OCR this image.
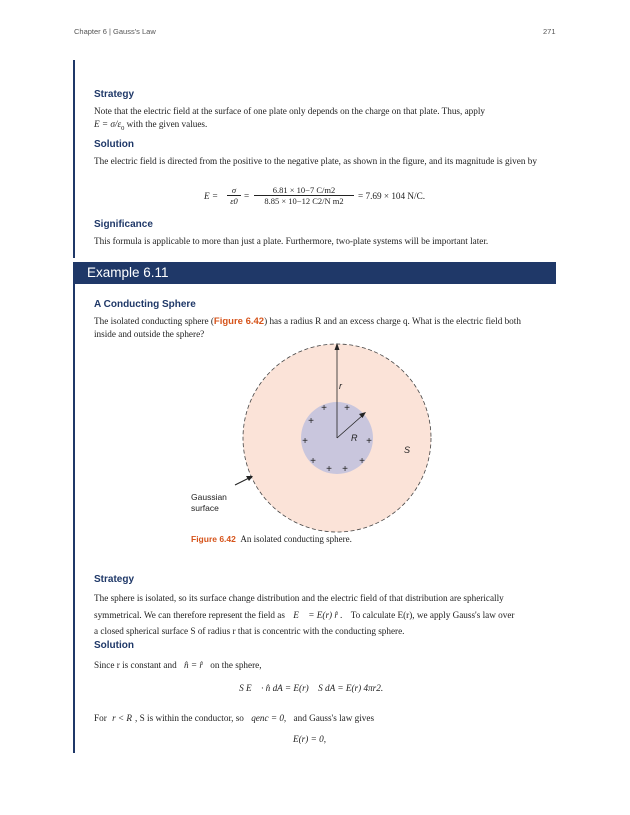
Chapter 6 | Gauss's Law	271
Strategy
Note that the electric field at the surface of one plate only depends on the charge on that plate. Thus, apply
$E = \sigma/\varepsilon_0$ with the given values.
Solution
The electric field is directed from the positive to the negative plate, as shown in the figure, and its magnitude is given by
E =
σ
ε0 =
6.81 × 10−7 C/m2
8.85 × 10−12 C2/N m2	= 7.69 × 104 N/C.
Significance
This formula is applicable to more than just a plate. Furthermore, two-plate systems will be important later.
Example 6.11
A Conducting Sphere
The isolated conducting sphere (Figure 6.42) has a radius R and an excess charge q. What is the electric field both inside and outside the sphere?
r
R
S
+ +
+
+	+
+
+
+ +
Gaussian
surface
Figure 6.42 An isolated conducting sphere.
Strategy
The sphere is isolated, so its surface change distribution and the electric field of that distribution are spherically
symmetrical. We can therefore represent the field as E⃗ = E(r) r̂ . To calculate E(r), we apply Gauss's law over
a closed spherical surface S of radius r that is concentric with the conducting sphere.
Solution
Since r is constant and n̂ = r̂ on the sphere,
∮S E⃗ · n̂ dA = E(r) ∮S dA = E(r) 4πr2.
For r < R , S is within the conductor, so qenc = 0, and Gauss's law gives
E(r) = 0,
